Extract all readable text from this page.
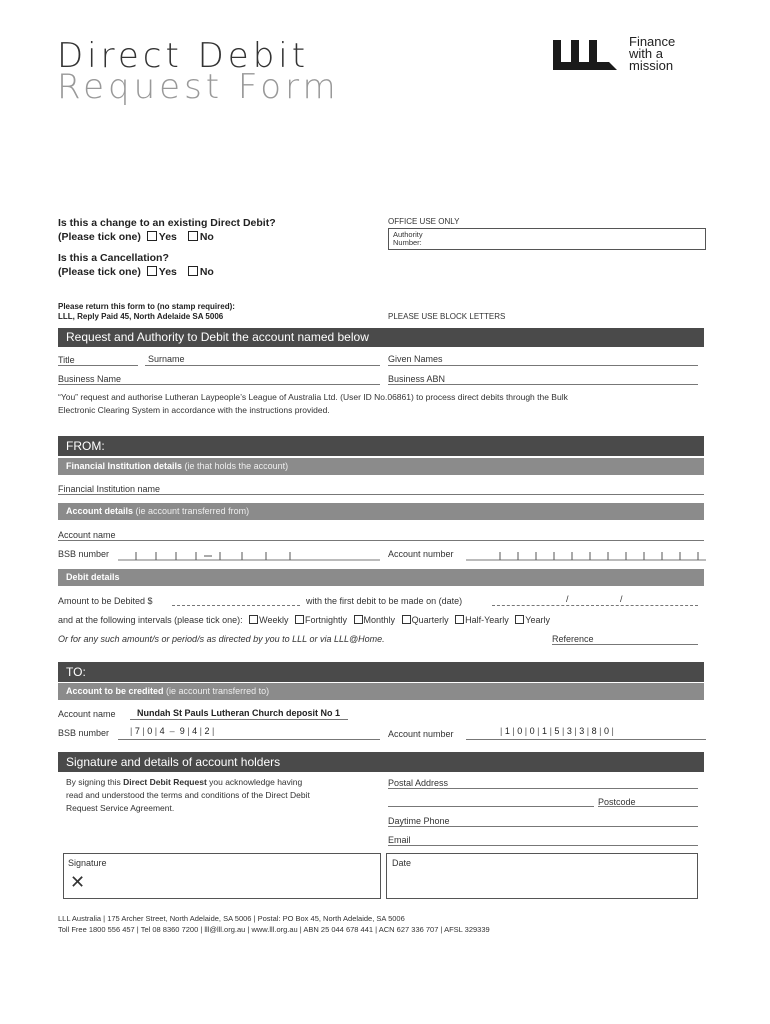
Direct Debit
Request Form
Finance
with a
mission
Is this a change to an existing Direct Debit?
(Please tick one) Yes No
Is this a Cancellation?
(Please tick one) Yes No
OFFICE USE ONLY
Authority
Number:
Please return this form to (no stamp required):
LLL, Reply Paid 45, North Adelaide SA 5006	PLEASE USE BLOCK LETTERS
Request and Authority to Debit the account named below
Title	Surname	Given Names
Business Name	Business ABN
“You” request and authorise Lutheran Laypeople’s League of Australia Ltd. (User ID No.06861) to process direct debits through the Bulk
Electronic Clearing System in accordance with the instructions provided.
FROM:
Financial Institution details (ie that holds the account)
Financial Institution name
Account details (ie account transferred from)
Account name
BSB number	Account number
Debit details
Amount to be Debited $	with the first debit to be made on (date)	/	/
and at the following intervals (please tick one): Weekly Fortnightly Monthly Quarterly Half-Yearly Yearly
Or for any such amount/s or period/s as directed by you to LLL or via LLL@Home.	Reference
TO:
Account to be credited (ie account transferred to)
Account name Nundah St Pauls Lutheran Church deposit No 1
BSB number | 7 | 0 | 4  –  9 | 4 | 2 |	Account number	| 1 | 0 | 0 | 1 | 5 | 3 | 3 | 8 | 0 |
Signature and details of account holders
By signing this Direct Debit Request you acknowledge having
read and understood the terms and conditions of the Direct Debit
Request Service Agreement.
Postal Address
Postcode
Daytime Phone
Email
Signature
✕
Date
LLL Australia | 175 Archer Street, North Adelaide, SA 5006 | Postal: PO Box 45, North Adelaide, SA 5006
Toll Free 1800 556 457 | Tel 08 8360 7200 | lll@lll.org.au | www.lll.org.au | ABN 25 044 678 441 | ACN 627 336 707 | AFSL 329339
